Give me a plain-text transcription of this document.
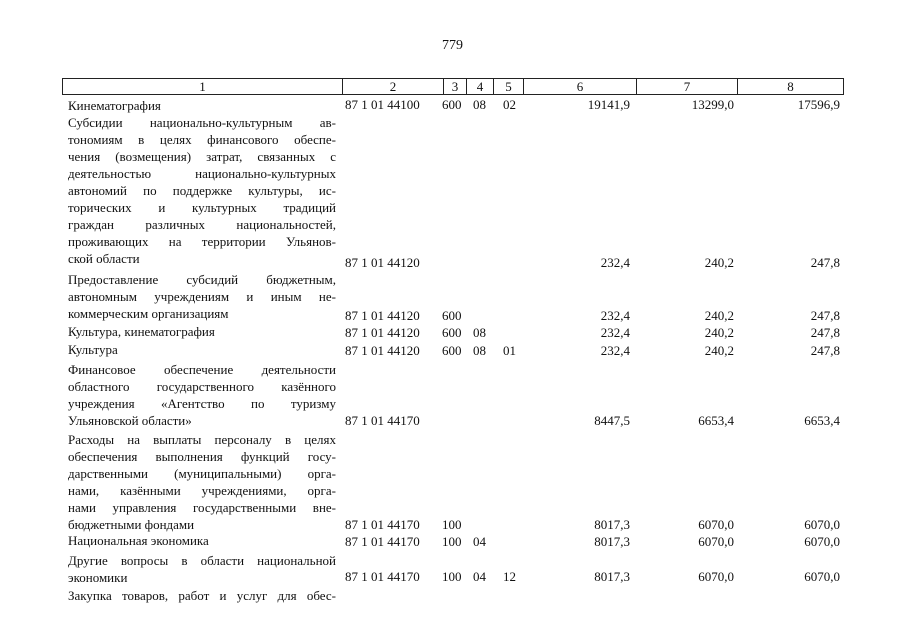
779
1	2	3	4	5	6	7	8
Кинематография	87 1 01 44100 600 08 02	19141,9	13299,0	17596,9
Субсидии национально-культурным ав-
тономиям в целях финансового обеспе-
чения (возмещения) затрат, связанных с
деятельностью национально-культурных
автономий по поддержке культуры, ис-
торических и культурных традиций
граждан различных национальностей,
проживающих на территории Ульянов-
ской области	87 1 01 44120	232,4	240,2	247,8
Предоставление субсидий бюджетным,
автономным учреждениям и иным не-
коммерческим организациям	87 1 01 44120 600	232,4	240,2	247,8
Культура, кинематография	87 1 01 44120 600 08	232,4	240,2	247,8
Культура	87 1 01 44120 600 08 01	232,4	240,2	247,8
Финансовое обеспечение деятельности
областного государственного казённого
учреждения «Агентство по туризму
Ульяновской области»	87 1 01 44170	8447,5	6653,4	6653,4
Расходы на выплаты персоналу в целях
обеспечения выполнения функций госу-
дарственными (муниципальными) орга-
нами, казёнными учреждениями, орга-
нами управления государственными вне-
бюджетными фондами	87 1 01 44170 100	8017,3	6070,0	6070,0
Национальная экономика	87 1 01 44170 100 04	8017,3	6070,0	6070,0
Другие вопросы в области национальной
экономики	87 1 01 44170 100 04 12	8017,3	6070,0	6070,0
Закупка товаров, работ и услуг для обес-
